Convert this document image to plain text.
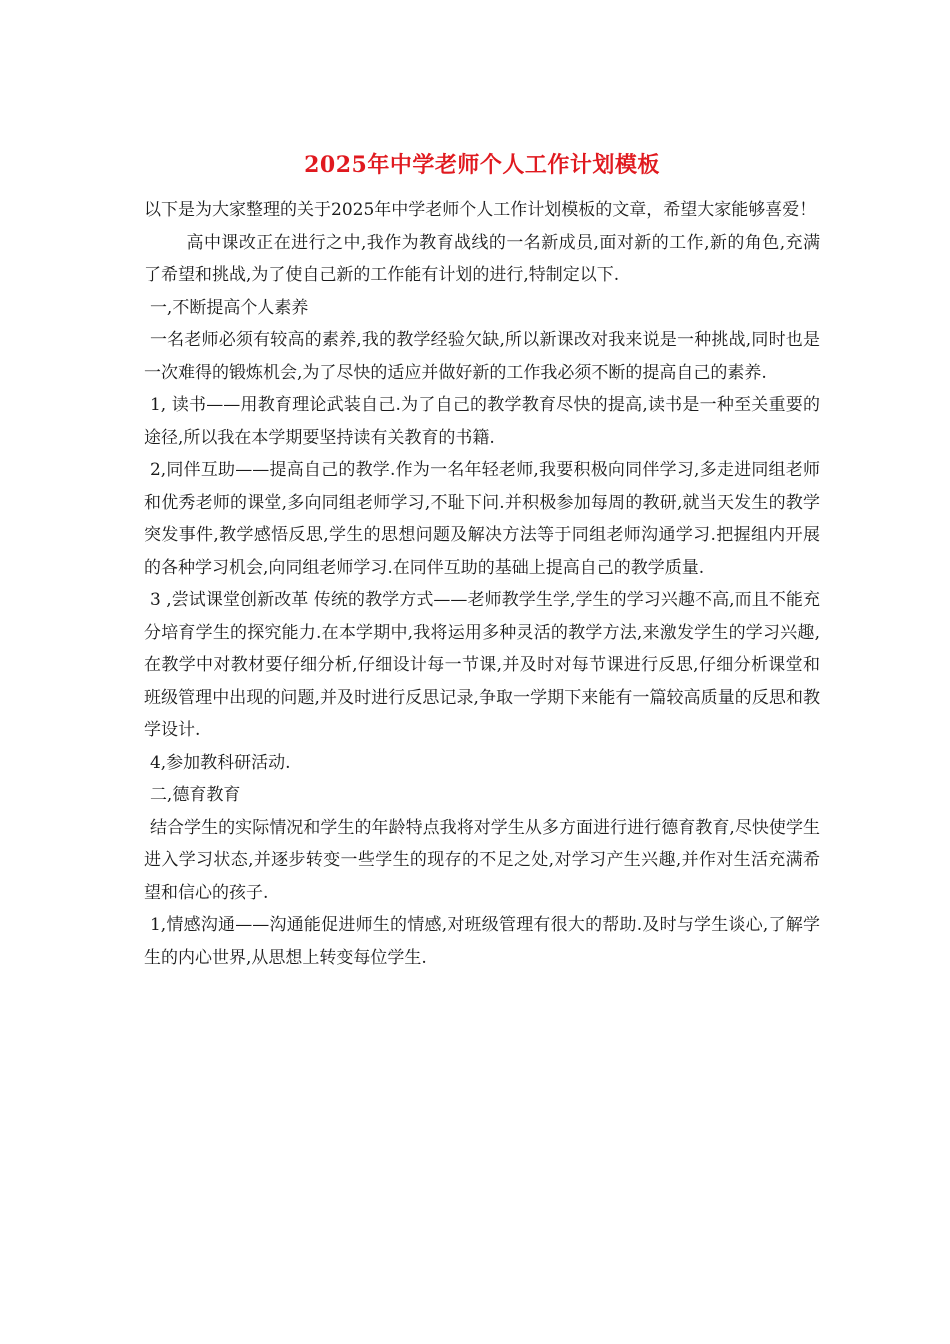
2025年中学老师个人工作计划模板

以下是为大家整理的关于2025年中学老师个人工作计划模板的文章，希望大家能够喜爱！

高中课改正在进行之中,我作为教育战线的一名新成员,面对新的工作,新的角色,充满了希望和挑战,为了使自己新的工作能有计划的进行,特制定以下.

一,不断提高个人素养

一名老师必须有较高的素养,我的教学经验欠缺,所以新课改对我来说是一种挑战,同时也是一次难得的锻炼机会,为了尽快的适应并做好新的工作我必须不断的提高自己的素养.

1, 读书——用教育理论武装自己.为了自己的教学教育尽快的提高,读书是一种至关重要的途径,所以我在本学期要坚持读有关教育的书籍.

2,同伴互助——提高自己的教学.作为一名年轻老师,我要积极向同伴学习,多走进同组老师和优秀老师的课堂,多向同组老师学习,不耻下问.并积极参加每周的教研,就当天发生的教学突发事件,教学感悟反思,学生的思想问题及解决方法等于同组老师沟通学习.把握组内开展的各种学习机会,向同组老师学习.在同伴互助的基础上提高自己的教学质量.

3 ,尝试课堂创新改革 传统的教学方式——老师教学生学,学生的学习兴趣不高,而且不能充分培育学生的探究能力.在本学期中,我将运用多种灵活的教学方法,来激发学生的学习兴趣,在教学中对教材要仔细分析,仔细设计每一节课,并及时对每节课进行反思,仔细分析课堂和班级管理中出现的问题,并及时进行反思记录,争取一学期下来能有一篇较高质量的反思和教学设计.

4,参加教科研活动.

二,德育教育

结合学生的实际情况和学生的年龄特点我将对学生从多方面进行进行德育教育,尽快使学生进入学习状态,并逐步转变一些学生的现存的不足之处,对学习产生兴趣,并作对生活充满希望和信心的孩子.

1,情感沟通——沟通能促进师生的情感,对班级管理有很大的帮助.及时与学生谈心,了解学生的内心世界,从思想上转变每位学生.
